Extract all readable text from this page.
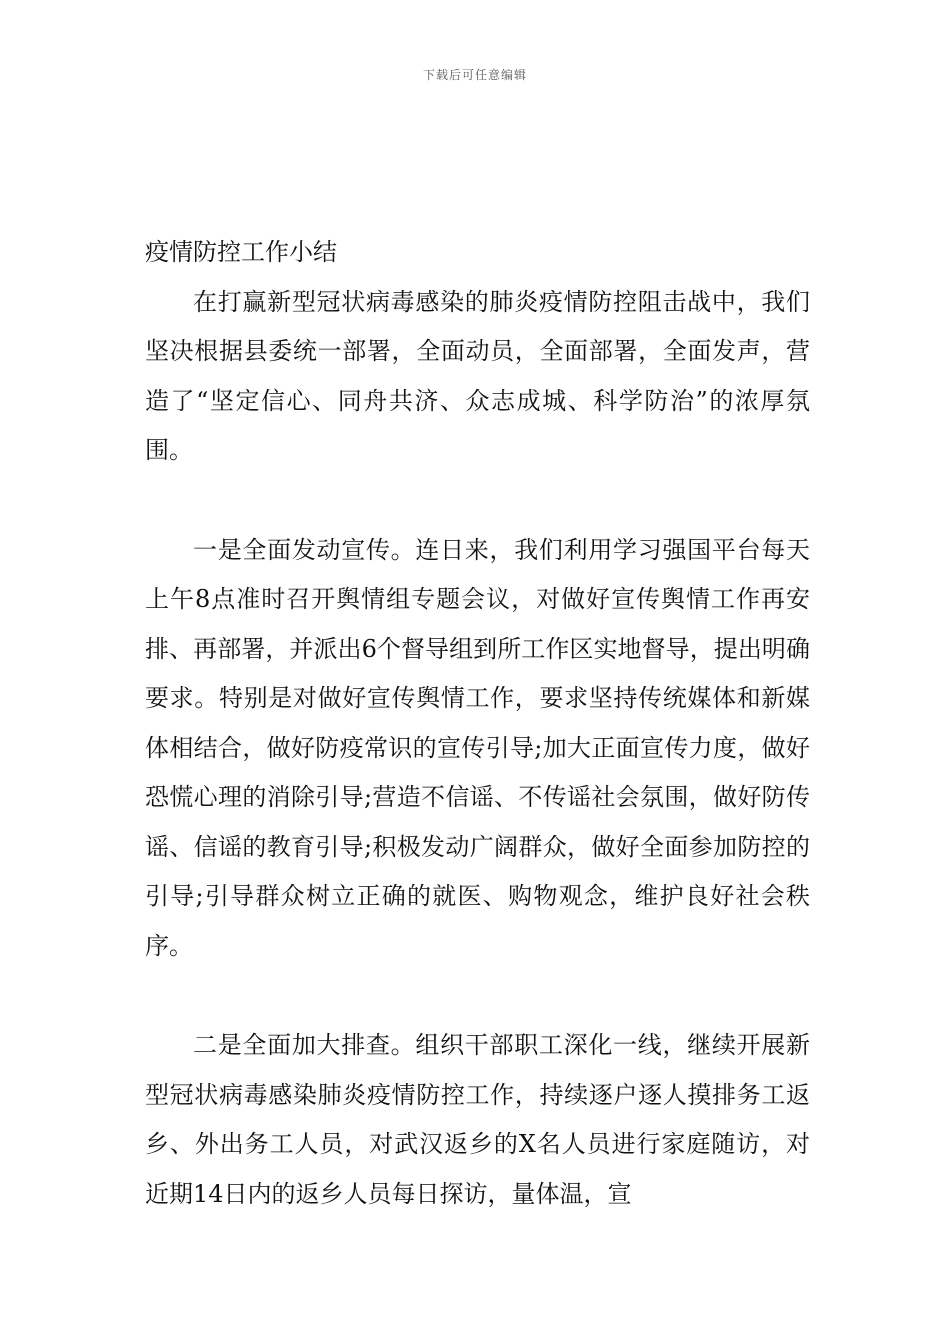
下载后可任意编辑
疫情防控工作小结

在打赢新型冠状病毒感染的肺炎疫情防控阻击战中，我们坚决根据县委统一部署，全面动员，全面部署，全面发声，营造了“坚定信心、同舟共济、众志成城、科学防治”的浓厚氛围。

一是全面发动宣传。连日来，我们利用学习强国平台每天上午8点准时召开舆情组专题会议，对做好宣传舆情工作再安排、再部署，并派出6个督导组到所工作区实地督导，提出明确要求。特别是对做好宣传舆情工作，要求坚持传统媒体和新媒体相结合，做好防疫常识的宣传引导;加大正面宣传力度，做好恐慌心理的消除引导;营造不信谣、不传谣社会氛围，做好防传谣、信谣的教育引导;积极发动广阔群众，做好全面参加防控的引导;引导群众树立正确的就医、购物观念，维护良好社会秩序。

二是全面加大排查。组织干部职工深化一线，继续开展新型冠状病毒感染肺炎疫情防控工作，持续逐户逐人摸排务工返乡、外出务工人员，对武汉返乡的X名人员进行家庭随访，对近期14日内的返乡人员每日探访，量体温，宣
